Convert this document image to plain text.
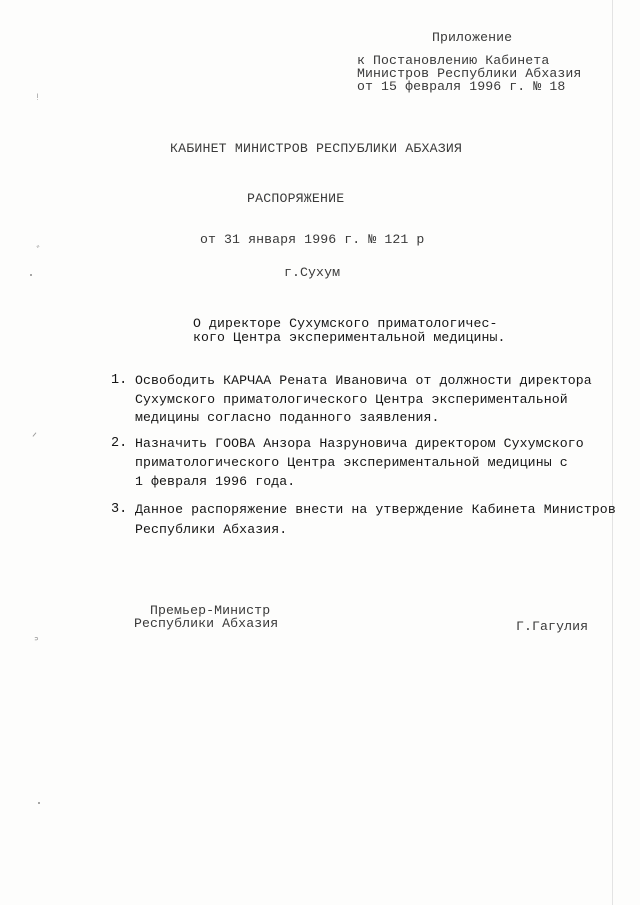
ᵎ
ﾞ
ᐟ
ᐣ
Приложение
к Постановлению Кабинета
Министров Республики Абхазия
от 15 февраля 1996 г. № 18
КАБИНЕТ МИНИСТРОВ РЕСПУБЛИКИ АБХАЗИЯ
РАСПОРЯЖЕНИЕ
от 31 января 1996 г. № 121 р
г.Сухум
О директоре Сухумского приматологичес-
кого Центра экспериментальной медицины.
1. Освободить КАРЧАА Рената Ивановича от должности директора
Сухумского приматологического Центра экспериментальной
медицины согласно поданного заявления.
2. Назначить ГООВА Анзора Назруновича директором Сухумского
приматологического Центра экспериментальной медицины с
1 февраля 1996 года.
3. Данное распоряжение внести на утверждение Кабинета Министров
Республики Абхазия.
Премьер-Министр
Республики Абхазия	Г.Гагулия
